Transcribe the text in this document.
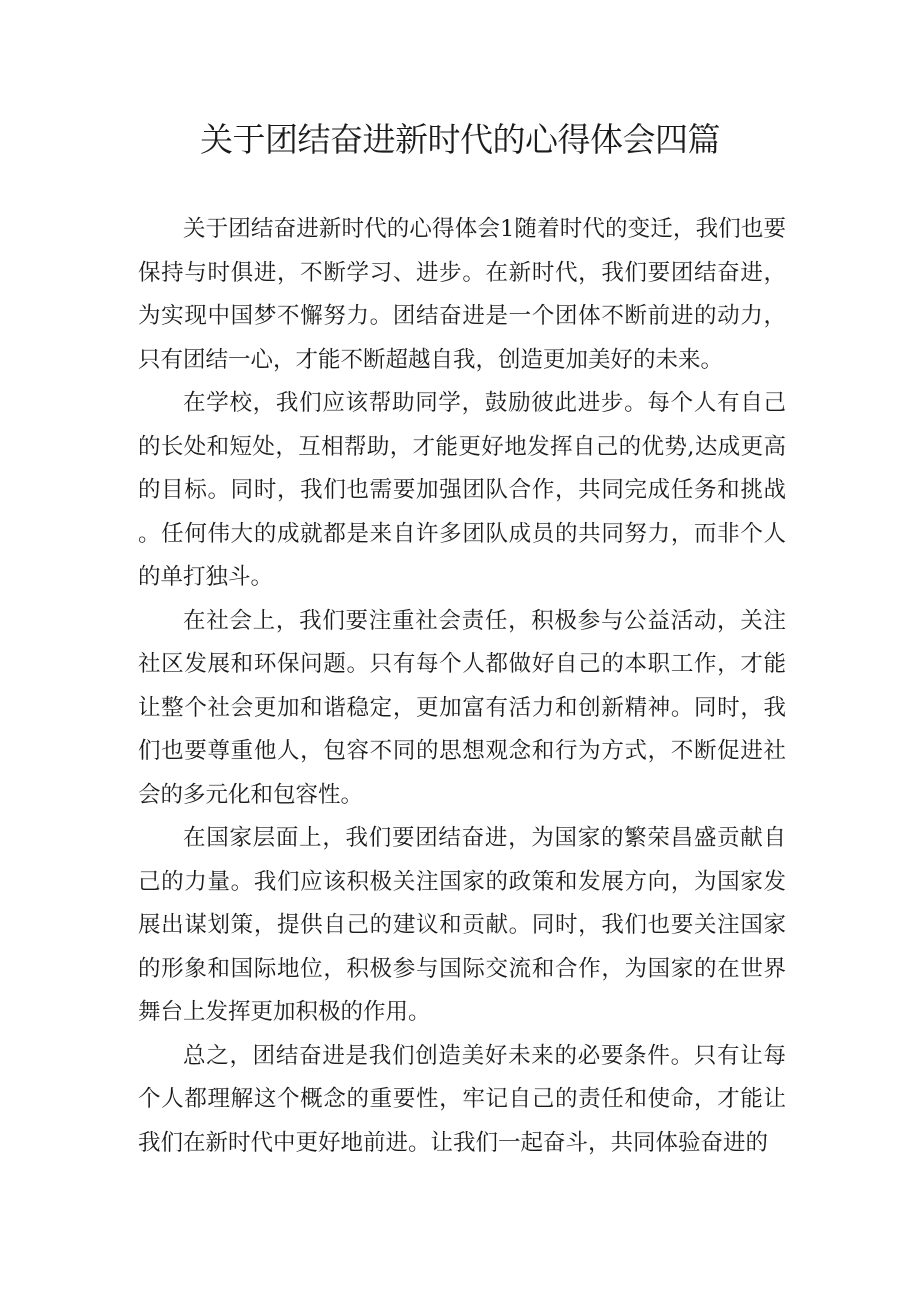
关于团结奋进新时代的心得体会四篇

关于团结奋进新时代的心得体会1随着时代的变迁，我们也要保持与时俱进，不断学习、进步。在新时代，我们要团结奋进，为实现中国梦不懈努力。团结奋进是一个团体不断前进的动力，只有团结一心，才能不断超越自我，创造更加美好的未来。

在学校，我们应该帮助同学，鼓励彼此进步。每个人有自己的长处和短处，互相帮助，才能更好地发挥自己的优势,达成更高的目标。同时，我们也需要加强团队合作，共同完成任务和挑战。任何伟大的成就都是来自许多团队成员的共同努力，而非个人的单打独斗。

在社会上，我们要注重社会责任，积极参与公益活动，关注社区发展和环保问题。只有每个人都做好自己的本职工作，才能让整个社会更加和谐稳定，更加富有活力和创新精神。同时，我们也要尊重他人，包容不同的思想观念和行为方式，不断促进社会的多元化和包容性。

在国家层面上，我们要团结奋进，为国家的繁荣昌盛贡献自己的力量。我们应该积极关注国家的政策和发展方向，为国家发展出谋划策，提供自己的建议和贡献。同时，我们也要关注国家的形象和国际地位，积极参与国际交流和合作，为国家的在世界舞台上发挥更加积极的作用。

总之，团结奋进是我们创造美好未来的必要条件。只有让每个人都理解这个概念的重要性，牢记自己的责任和使命，才能让我们在新时代中更好地前进。让我们一起奋斗，共同体验奋进的
